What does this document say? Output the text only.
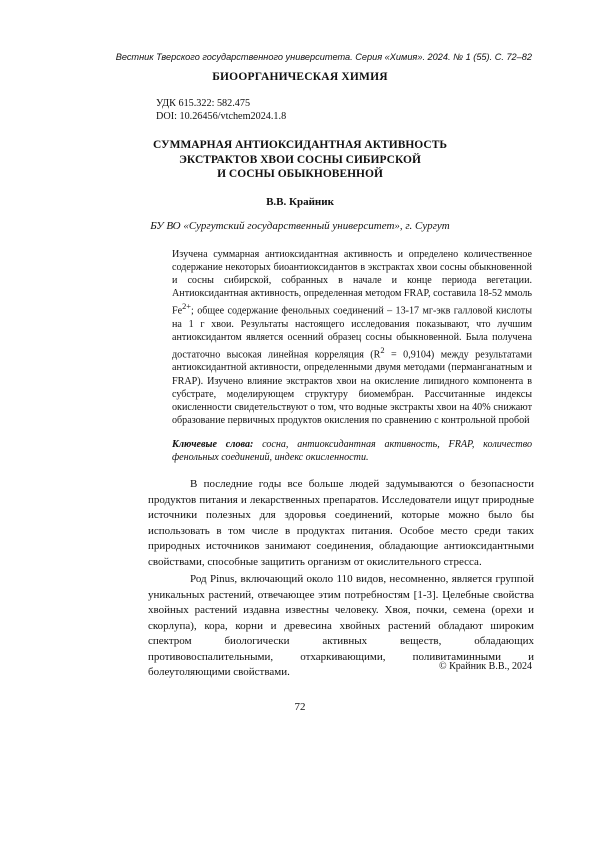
Вестник Тверского государственного университета. Серия «Химия». 2024. № 1 (55). С. 72–82
БИООРГАНИЧЕСКАЯ ХИМИЯ
УДК 615.322: 582.475
DOI: 10.26456/vtchem2024.1.8
СУММАРНАЯ АНТИОКСИДАНТНАЯ АКТИВНОСТЬ
ЭКСТРАКТОВ ХВОИ СОСНЫ СИБИРСКОЙ
И СОСНЫ ОБЫКНОВЕННОЙ
В.В. Крайник
БУ ВО «Сургутский государственный университет», г. Сургут
Изучена суммарная антиоксидантная активность и определено количественное содержание некоторых биоантиоксидантов в экстрактах хвои сосны обыкновенной и сосны сибирской, собранных в начале и конце периода вегетации. Антиоксидантная активность, определенная методом FRAP, составила 18-52 ммоль $Fe^{2+}$; общее содержание фенольных соединений – 13-17 мг-экв галловой кислоты на 1 г хвои. Результаты настоящего исследования показывают, что лучшим антиоксидантом является осенний образец сосны обыкновенной. Была получена достаточно высокая линейная корреляция $(R^2 = 0,9104)$ между результатами антиоксидантной активности, определенными двумя методами (перманганатным и FRAP). Изучено влияние экстрактов хвои на окисление липидного компонента в субстрате, моделирующем структуру биомембран. Рассчитанные индексы окисленности свидетельствуют о том, что водные экстракты хвои на 40% снижают образование первичных продуктов окисления по сравнению с контрольной пробой
Ключевые слова: сосна, антиоксидантная активность, FRAP, количество фенольных соединений, индекс окисленности.

В последние годы все больше людей задумываются о безопасности продуктов питания и лекарственных препаратов. Исследователи ищут природные источники полезных для здоровья соединений, которые можно было бы использовать в том числе в продуктах питания. Особое место среди таких природных источников занимают соединения, обладающие антиоксидантными свойствами, способные защитить организм от окислительного стресса.

Род Pinus, включающий около 110 видов, несомненно, является группой уникальных растений, отвечающее этим потребностям [1-3]. Целебные свойства хвойных растений издавна известны человеку. Хвоя, почки, семена (орехи и скорлупа), кора, корни и древесина хвойных растений обладают широким спектром биологически активных веществ, обладающих противовоспалительными, отхаркивающими, поливитаминными и болеутоляющими свойствами.	© Крайник В.В., 2024
72
